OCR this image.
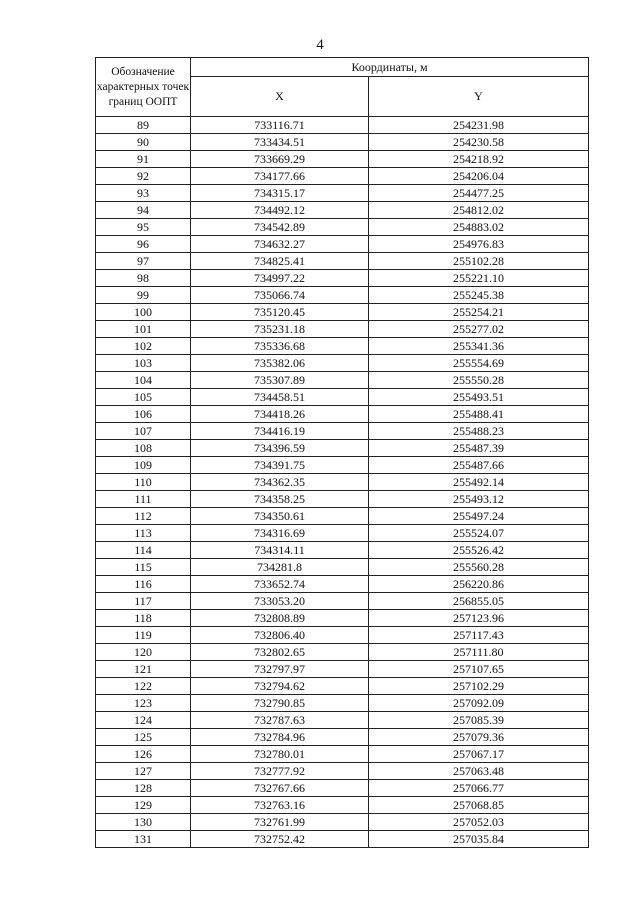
4
Обозначение характерных точек границ ООПТ	Координаты, м	
	X	Y
89	733116.71	254231.98
90	733434.51	254230.58
91	733669.29	254218.92
92	734177.66	254206.04
93	734315.17	254477.25
94	734492.12	254812.02
95	734542.89	254883.02
96	734632.27	254976.83
97	734825.41	255102.28
98	734997.22	255221.10
99	735066.74	255245.38
100	735120.45	255254.21
101	735231.18	255277.02
102	735336.68	255341.36
103	735382.06	255554.69
104	735307.89	255550.28
105	734458.51	255493.51
106	734418.26	255488.41
107	734416.19	255488.23
108	734396.59	255487.39
109	734391.75	255487.66
110	734362.35	255492.14
111	734358.25	255493.12
112	734350.61	255497.24
113	734316.69	255524.07
114	734314.11	255526.42
115	734281.8	255560.28
116	733652.74	256220.86
117	733053.20	256855.05
118	732808.89	257123.96
119	732806.40	257117.43
120	732802.65	257111.80
121	732797.97	257107.65
122	732794.62	257102.29
123	732790.85	257092.09
124	732787.63	257085.39
125	732784.96	257079.36
126	732780.01	257067.17
127	732777.92	257063.48
128	732767.66	257066.77
129	732763.16	257068.85
130	732761.99	257052.03
131	732752.42	257035.84
